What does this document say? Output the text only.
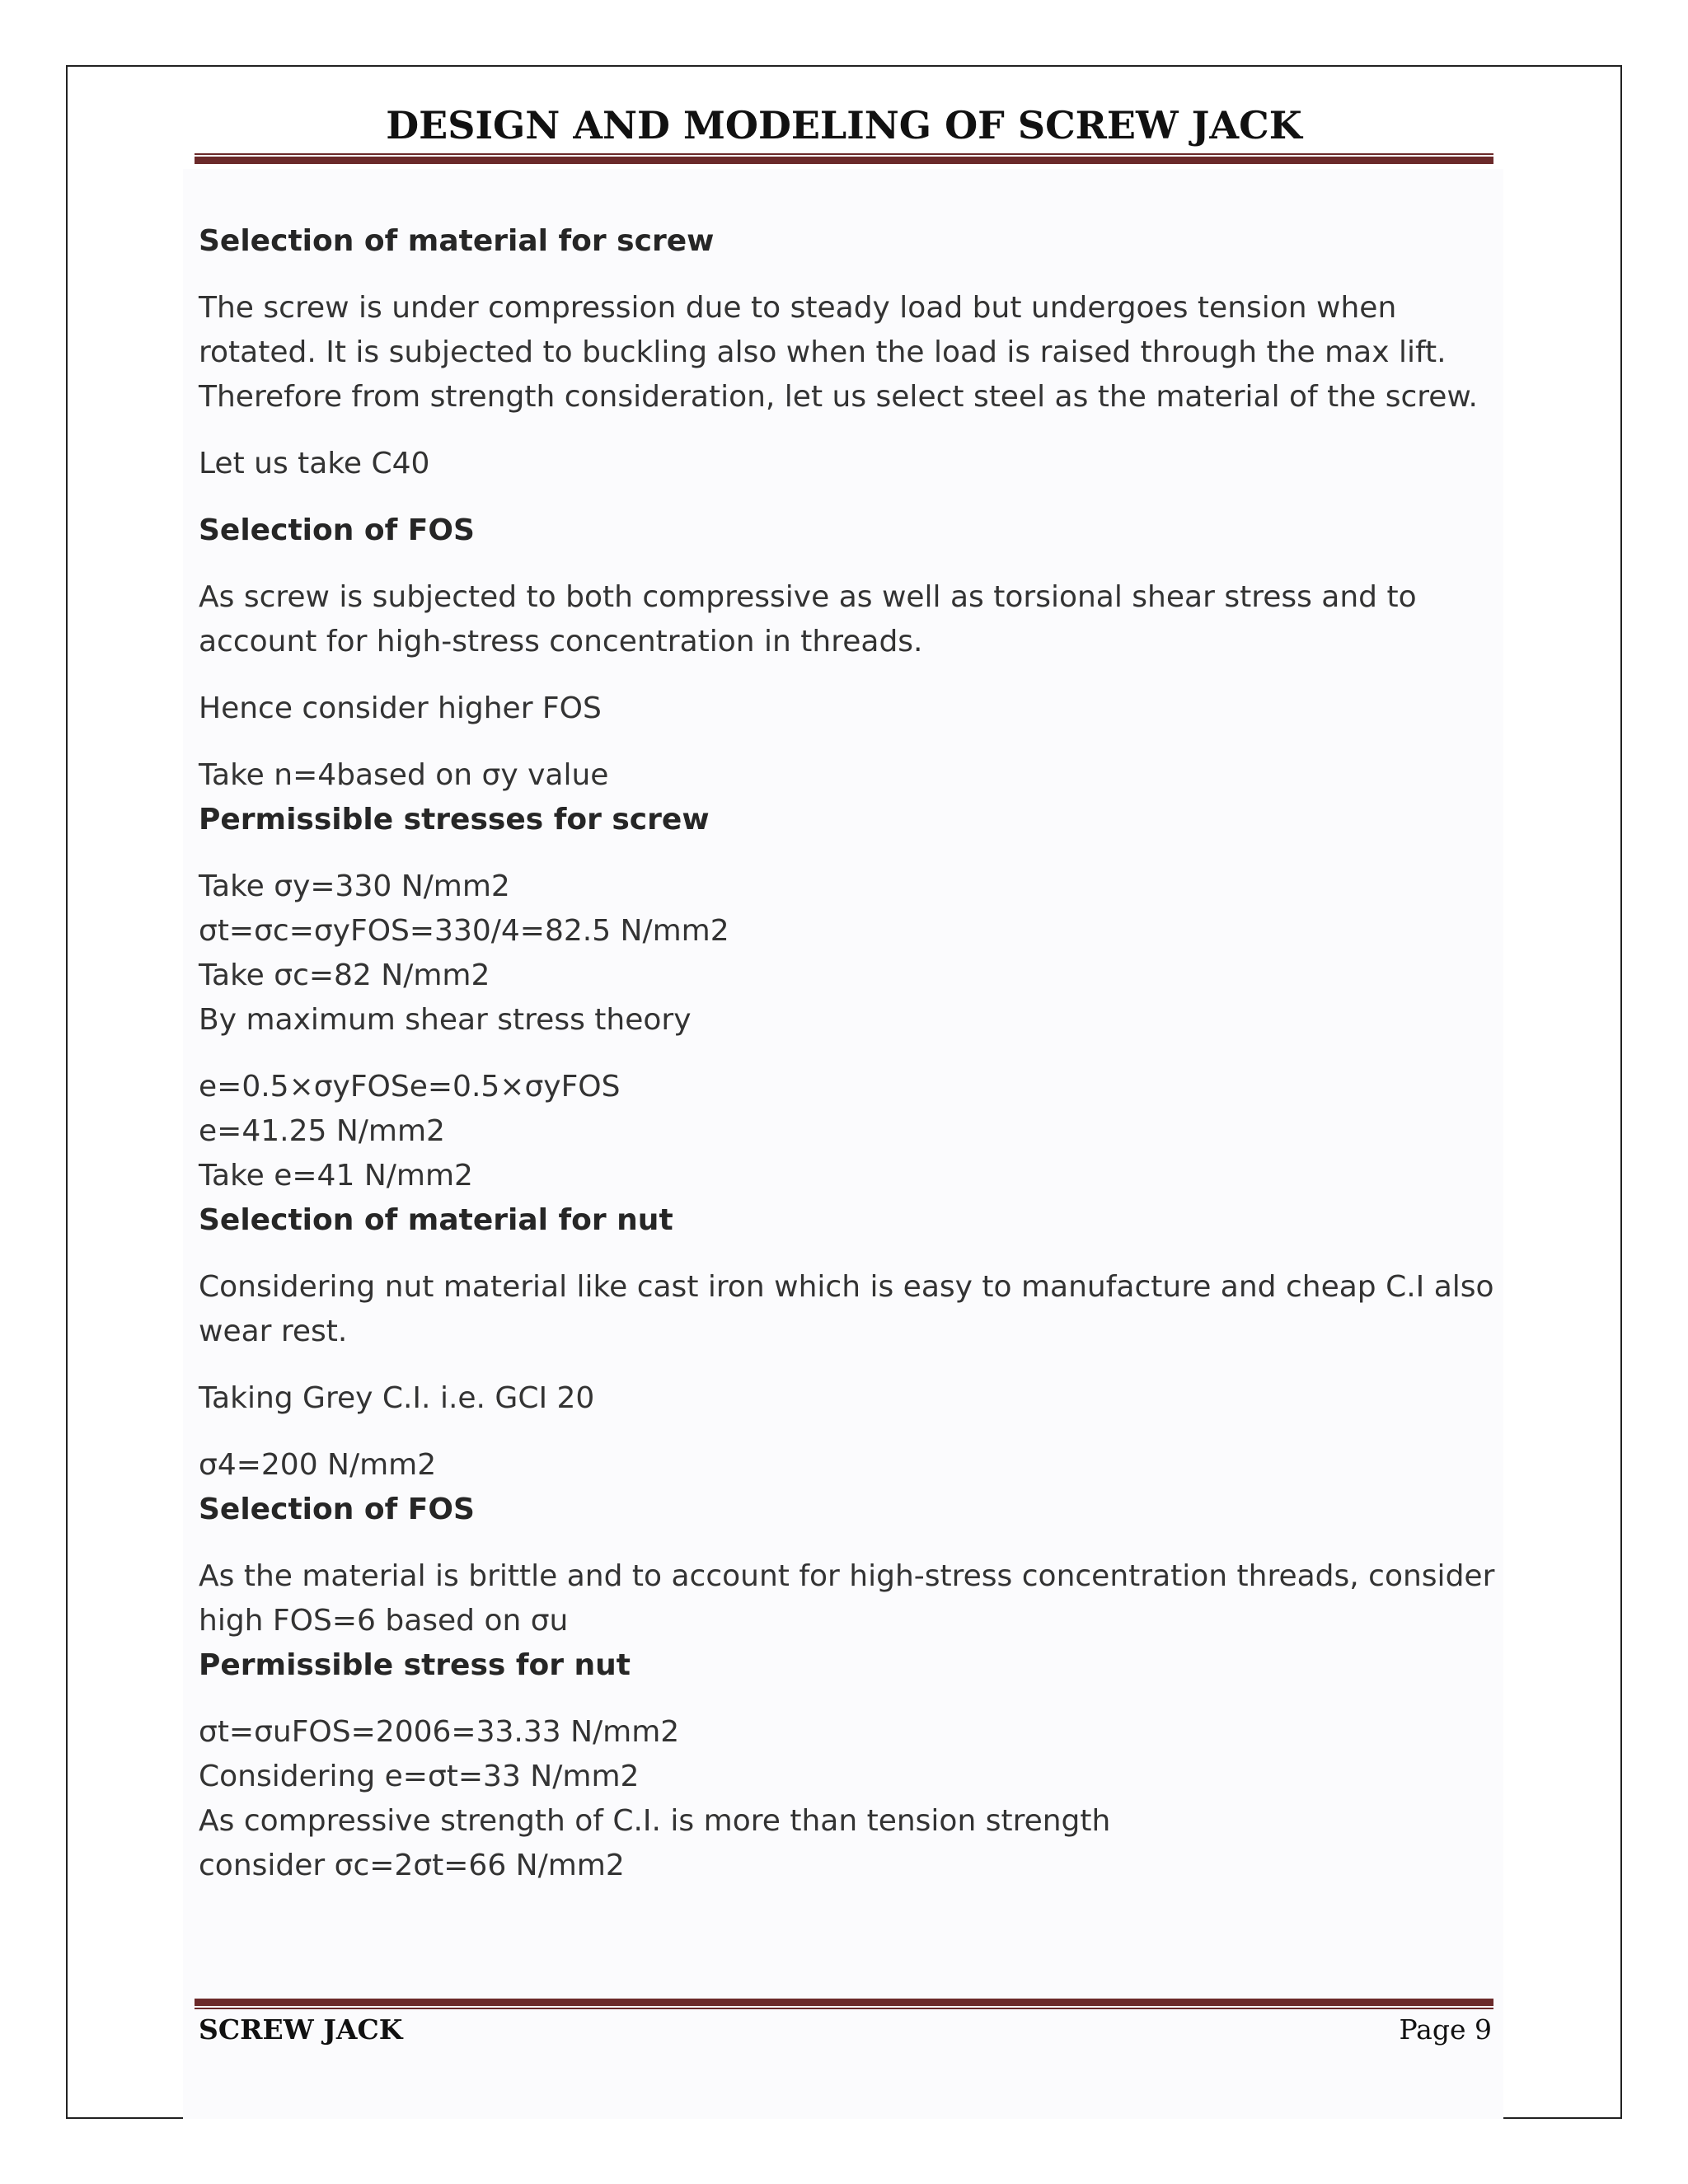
DESIGN AND MODELING OF SCREW JACK

Selection of material for screw

The screw is under compression due to steady load but undergoes tension when rotated. It is subjected to buckling also when the load is raised through the max lift. Therefore from strength consideration, let us select steel as the material of the screw.

Let us take C40

Selection of FOS

As screw is subjected to both compressive as well as torsional shear stress and to account for high-stress concentration in threads.

Hence consider higher FOS

Take n=4based on σy value

Permissible stresses for screw

Take σy=330 N/mm2

σt=σc=σyFOS=330/4=82.5 N/mm2

Take σc=82 N/mm2

By maximum shear stress theory

e=0.5×σyFOSe=0.5×σyFOS

e=41.25 N/mm2

Take e=41 N/mm2

Selection of material for nut

Considering nut material like cast iron which is easy to manufacture and cheap C.I also wear rest.

Taking Grey C.I. i.e. GCI 20

σ4=200 N/mm2

Selection of FOS

As the material is brittle and to account for high-stress concentration threads, consider high FOS=6 based on σu

Permissible stress for nut

σt=σuFOS=2006=33.33 N/mm2

Considering e=σt=33 N/mm2

As compressive strength of C.I. is more than tension strength

consider σc=2σt=66 N/mm2

SCREW JACK	Page 9
